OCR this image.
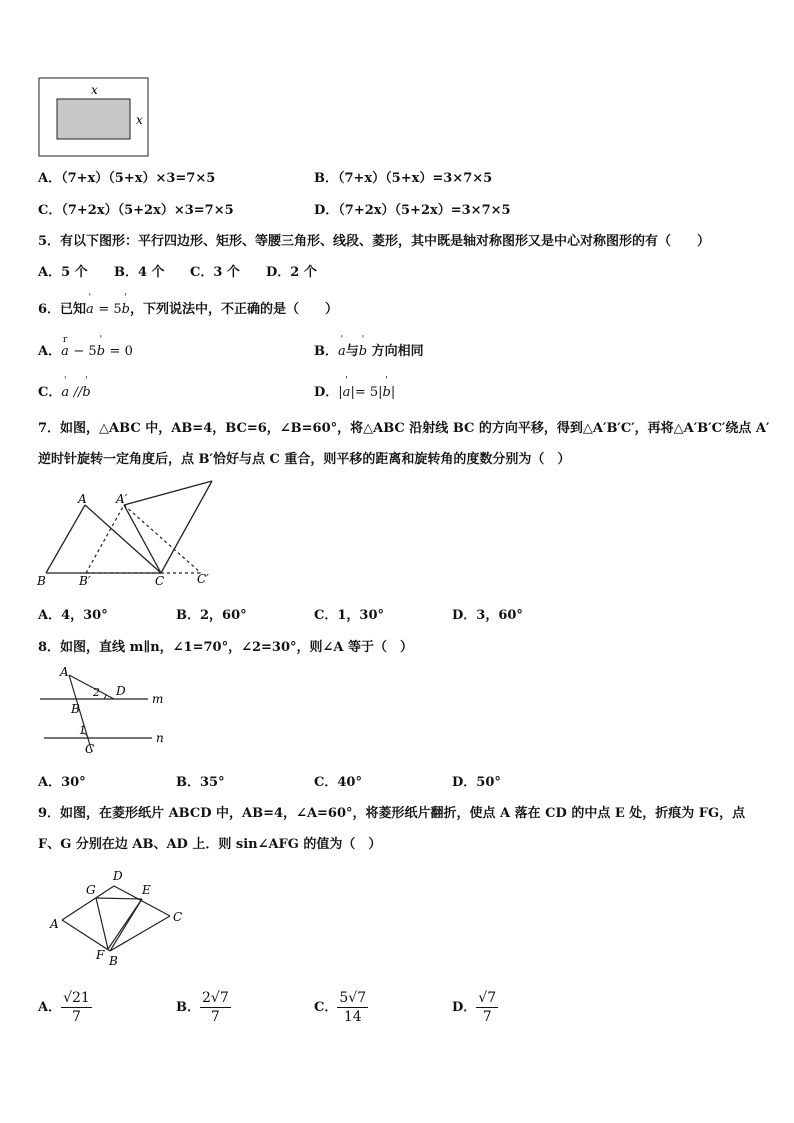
x
x
A．（7+x）（5+x）×3=7×5	B．（7+x）（5+x）=3×7×5
C．（7+2x）（5+2x）×3=7×5	D．（7+2x）（5+2x）=3×7×5
5．有以下图形：平行四边形、矩形、等腰三角形、线段、菱形，其中既是轴对称图形又是中心对称图形的有（　　）
A．5 个 B．4 个 C．3 个 D．2 个
6．已知
'
a = 5
'
b，下列说法中，不正确的是（　　）
A．
r
a − 5
'
b = 0	B．
'
a与
'
b 方向相同
C．
'
a //
'
b	D．|
'
a|= 5|
'
b|
7．如图，△ABC 中，AB=4，BC=6，∠B=60°，将△ABC 沿射线 BC 的方向平移，得到△A′B′C′，再将△A′B′C′绕点 A′
逆时针旋转一定角度后，点 B′恰好与点 C 重合，则平移的距离和旋转角的度数分别为（　）
A A′
B	B′	C	C′
A．4，30°	B．2，60°	C．1，30°	D．3，60°
8．如图，直线 m∥n，∠1=70°，∠2=30°，则∠A 等于（　）
A
D
2	m
B
1
n
C
A．30°	B．35°	C．40°	D．50°
9．如图，在菱形纸片 ABCD 中，AB=4，∠A=60°，将菱形纸片翻折，使点 A 落在 CD 的中点 E 处，折痕为 FG，点
F、G 分别在边 AB、AD 上．则 sin∠AFG 的值为（　）
D
G	E
A	C
F B
A． $\frac{√21}{7}$	B． $\frac{2√7}{7}$	C． $\frac{5√7}{14}$	D． $\frac{√7}{7}$
